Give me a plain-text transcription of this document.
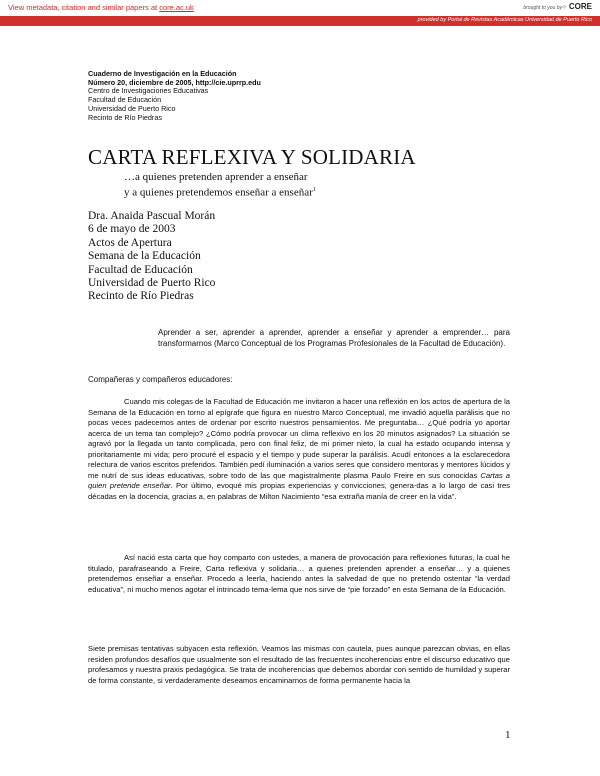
View metadata, citation and similar papers at core.ac.uk	brought to you by ⁘ CORE
provided by Portal de Revistas Académicas Universidad de Puerto Rico
Cuaderno de Investigación en la Educación
Número 20, diciembre de 2005, http://cie.uprrp.edu
Centro de Investigaciones Educativas
Facultad de Educación
Universidad de Puerto Rico
Recinto de Río Piedras
CARTA REFLEXIVA Y SOLIDARIA
…a quienes pretenden aprender a enseñar
y a quienes pretendemos enseñar a enseñar$^1$
Dra. Anaida Pascual Morán
6 de mayo de 2003
Actos de Apertura
Semana de la Educación
Facultad de Educación
Universidad de Puerto Rico
Recinto de Río Piedras
Aprender a ser, aprender a aprender, aprender a enseñar y aprender a emprender… para transformarnos (Marco Conceptual de los Programas Profesionales de la Facultad de Educación).
Compañeras y compañeros educadores:
Cuando mis colegas de la Facultad de Educación me invitaron a hacer una reflexión en los actos de apertura de la Semana de la Educación en torno al epígrafe que figura en nuestro Marco Conceptual, me invadió aquella parálisis que no pocas veces padecemos antes de ordenar por escrito nuestros pensamientos. Me preguntaba… ¿Qué podría yo aportar acerca de un tema tan complejo? ¿Cómo podría provocar un clima reflexivo en los 20 minutos asignados? La situación se agravó por la llegada un tanto complicada, pero con final feliz, de mi primer nieto, la cual ha estado ocupando intensa y prioritariamente mi vida; pero procuré el espacio y el tiempo y pude superar la parálisis. Acudí entonces a la esclarecedora relectura de varios escritos preferidos. También pedí iluminación a varios seres que considero mentoras y mentores lúcidos y me nutrí de sus ideas educativas, sobre todo de las que magistralmente plasma Paulo Freire en sus conocidas Cartas a quien pretende enseñar. Por último, evoqué mis propias experiencias y convicciones, genera-das a lo largo de casi tres décadas en la docencia, gracias a, en palabras de Milton Nacimiento “esa extraña manía de creer en la vida”.
Así nació esta carta que hoy comparto con ustedes, a manera de provocación para reflexiones futuras, la cual he titulado, parafraseando a Freire, Carta reflexiva y solidaria… a quienes pretenden aprender a enseñar… y a quienes pretendemos enseñar a enseñar. Procedo a leerla, haciendo antes la salvedad de que no pretendo ostentar “la verdad educativa”, ni mucho menos agotar el intrincado tema-lema que nos sirve de “pie forzado” en esta Semana de la Educación.
Siete premisas tentativas subyacen esta reflexión. Veamos las mismas con cautela, pues aunque parezcan obvias, en ellas residen profundos desafíos que usualmente son el resultado de las frecuentes incoherencias entre el discurso educativo que profesamos y nuestra praxis pedagógica. Se trata de incoherencias que debemos abordar con sentido de humildad y superar de forma constante, si verdaderamente deseamos encaminarnos de forma permanente hacia la
1
